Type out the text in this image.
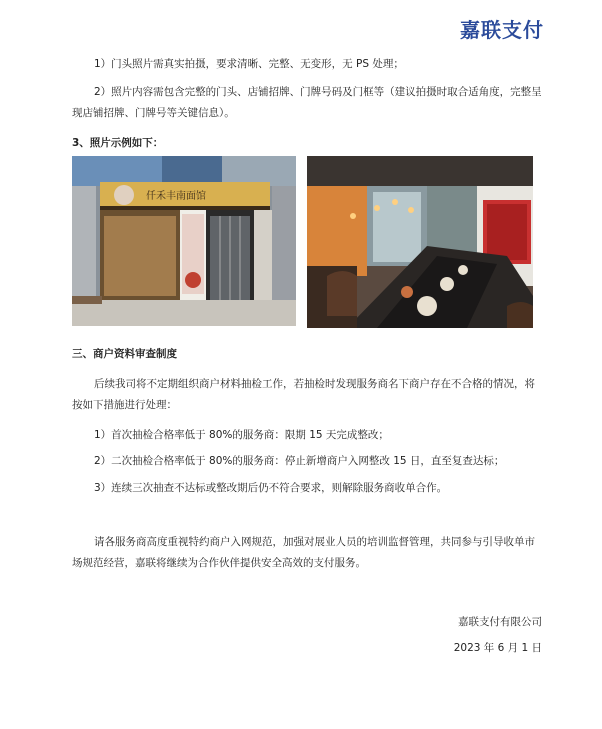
嘉联支付
1）门头照片需真实拍摄，要求清晰、完整、无变形，无 PS 处理；
2）照片内容需包含完整的门头、店铺招牌、门牌号码及门框等（建议拍摄时取合适角度，完整呈现店铺招牌、门牌号等关键信息）。
3、照片示例如下：
仟禾丰南面馆
三、商户资料审查制度
后续我司将不定期组织商户材料抽检工作，若抽检时发现服务商名下商户存在不合格的情况，将按如下措施进行处理：
1）首次抽检合格率低于 80%的服务商：限期 15 天完成整改；
2）二次抽检合格率低于 80%的服务商：停止新增商户入网整改 15 日，直至复查达标；
3）连续三次抽查不达标或整改期后仍不符合要求，则解除服务商收单合作。
请各服务商高度重视特约商户入网规范，加强对展业人员的培训监督管理，共同参与引导收单市场规范经营，嘉联将继续为合作伙伴提供安全高效的支付服务。
嘉联支付有限公司
2023 年 6 月 1 日
